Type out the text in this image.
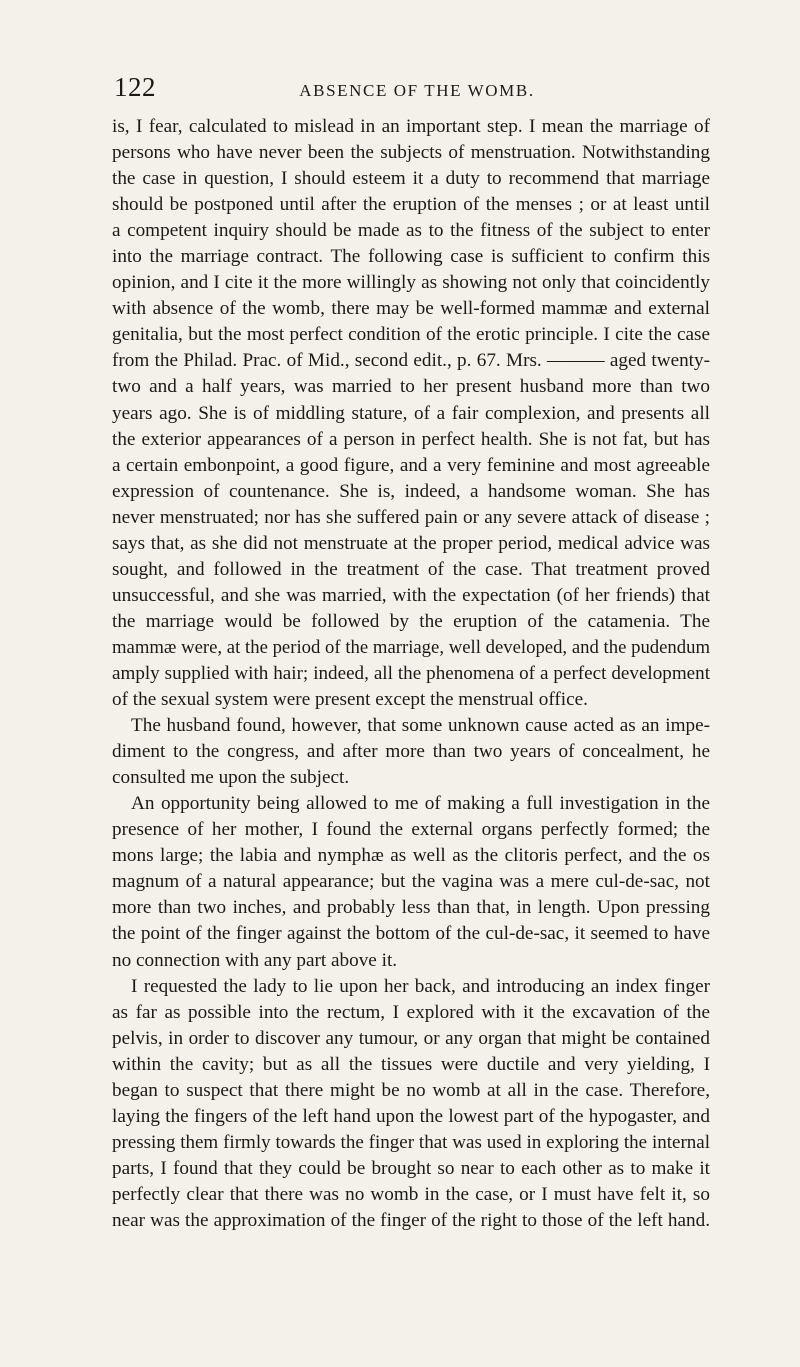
122	ABSENCE OF THE WOMB.
is, I fear, calculated to mislead in an important step. I mean the marriage of
persons who have never been the subjects of menstruation. Notwithstanding
the case in question, I should esteem it a duty to recommend that marriage
should be postponed until after the eruption of the menses ; or at least until
a competent inquiry should be made as to the fitness of the subject to enter
into the marriage contract. The following case is sufficient to confirm this
opinion, and I cite it the more willingly as showing not only that coincidently
with absence of the womb, there may be well-formed mammæ and external
genitalia, but the most perfect condition of the erotic principle. I cite the case
from the Philad. Prac. of Mid., second edit., p. 67. Mrs. ——— aged twenty-
two and a half years, was married to her present husband more than two
years ago. She is of middling stature, of a fair complexion, and presents all
the exterior appearances of a person in perfect health. She is not fat, but has
a certain embonpoint, a good figure, and a very feminine and most agreeable
expression of countenance. She is, indeed, a handsome woman. She has
never menstruated; nor has she suffered pain or any severe attack of disease ;
says that, as she did not menstruate at the proper period, medical advice was
sought, and followed in the treatment of the case. That treatment proved
unsuccessful, and she was married, with the expectation (of her friends) that
the marriage would be followed by the eruption of the catamenia. The
mammæ were, at the period of the marriage, well developed, and the pudendum
amply supplied with hair; indeed, all the phenomena of a perfect development
of the sexual system were present except the menstrual office.
The husband found, however, that some unknown cause acted as an impe-
diment to the congress, and after more than two years of concealment, he
consulted me upon the subject.
An opportunity being allowed to me of making a full investigation in the
presence of her mother, I found the external organs perfectly formed; the
mons large; the labia and nymphæ as well as the clitoris perfect, and the os
magnum of a natural appearance; but the vagina was a mere cul-de-sac, not
more than two inches, and probably less than that, in length. Upon pressing
the point of the finger against the bottom of the cul-de-sac, it seemed to have
no connection with any part above it.
I requested the lady to lie upon her back, and introducing an index finger
as far as possible into the rectum, I explored with it the excavation of the
pelvis, in order to discover any tumour, or any organ that might be contained
within the cavity; but as all the tissues were ductile and very yielding, I
began to suspect that there might be no womb at all in the case. Therefore,
laying the fingers of the left hand upon the lowest part of the hypogaster, and
pressing them firmly towards the finger that was used in exploring the internal
parts, I found that they could be brought so near to each other as to make it
perfectly clear that there was no womb in the case, or I must have felt it, so
near was the approximation of the finger of the right to those of the left hand.
